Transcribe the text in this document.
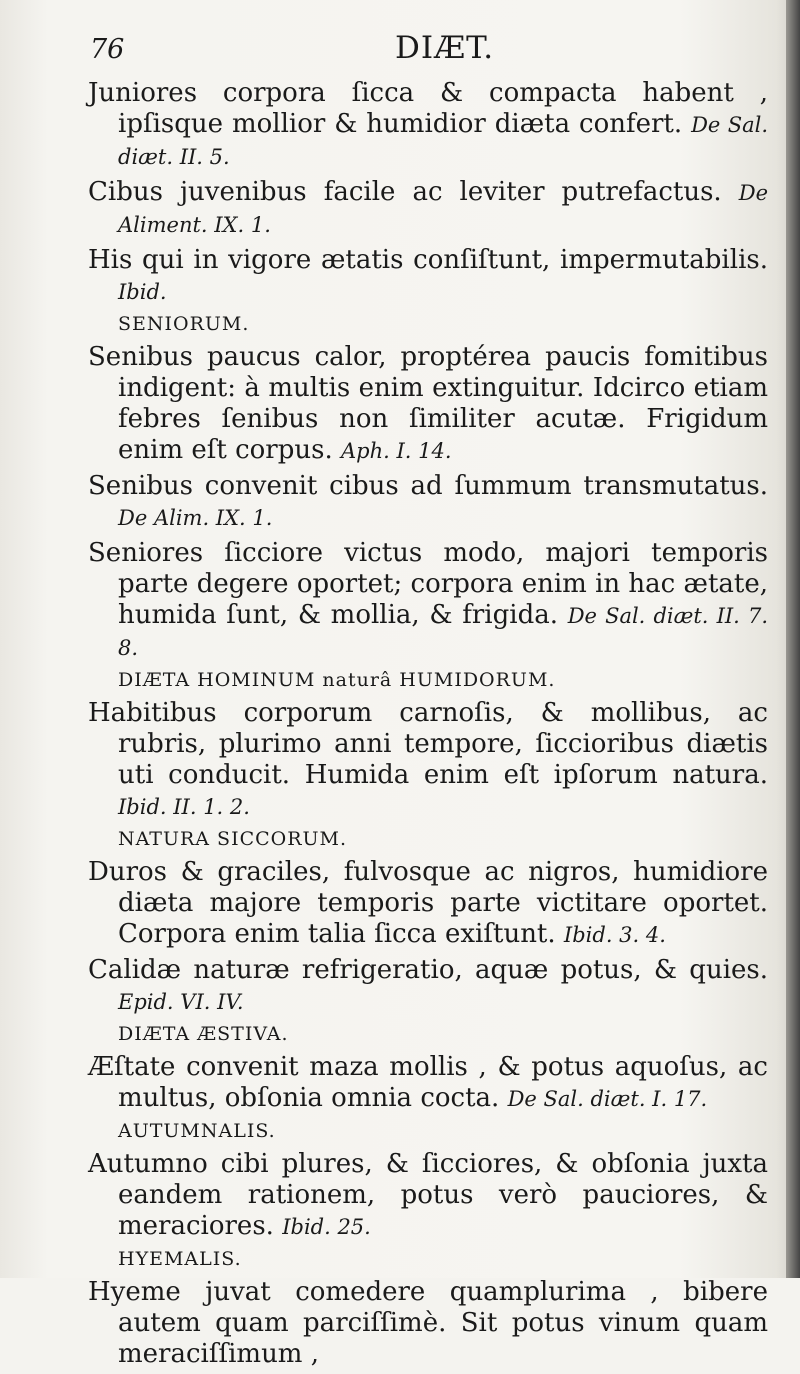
76	DIÆT.

Juniores corpora ſicca & compacta habent , ipſisque mollior & humidior diæta confert. De Sal. diæt. II. 5.

Cibus juvenibus facile ac leviter putrefactus. De Aliment. IX. 1.

His qui in vigore ætatis conſiſtunt, impermutabilis. Ibid.

SENIORUM.

Senibus paucus calor, proptérea paucis fomitibus indigent: à multis enim extinguitur. Idcirco etiam febres ſenibus non ſimiliter acutæ. Frigidum enim eſt corpus. Aph. I. 14.

Senibus convenit cibus ad ſummum transmutatus. De Alim. IX. 1.

Seniores ſicciore victus modo, majori temporis parte degere oportet; corpora enim in hac ætate, humida ſunt, & mollia, & frigida. De Sal. diæt. II. 7. 8.

DIÆTA HOMINUM naturâ HUMIDORUM.

Habitibus corporum carnoſis, & mollibus, ac rubris, plurimo anni tempore, ſiccioribus diætis uti conducit. Humida enim eſt ipſorum natura. Ibid. II. 1. 2.

NATURA SICCORUM.

Duros & graciles, fulvosque ac nigros, humidiore diæta majore temporis parte victitare oportet. Corpora enim talia ſicca exiſtunt. Ibid. 3. 4.

Calidæ naturæ refrigeratio, aquæ potus, & quies. Epid. VI. IV.

DIÆTA ÆSTIVA.

Æſtate convenit maza mollis , & potus aquoſus, ac multus, obſonia omnia cocta. De Sal. diæt. I. 17.

AUTUMNALIS.

Autumno cibi plures, & ſicciores, & obſonia juxta eandem rationem, potus verò pauciores, & meraciores. Ibid. 25.

HYEMALIS.

Hyeme juvat comedere quamplurima , bibere autem quam parciſſimè. Sit potus vinum quam meraciſſimum ,
